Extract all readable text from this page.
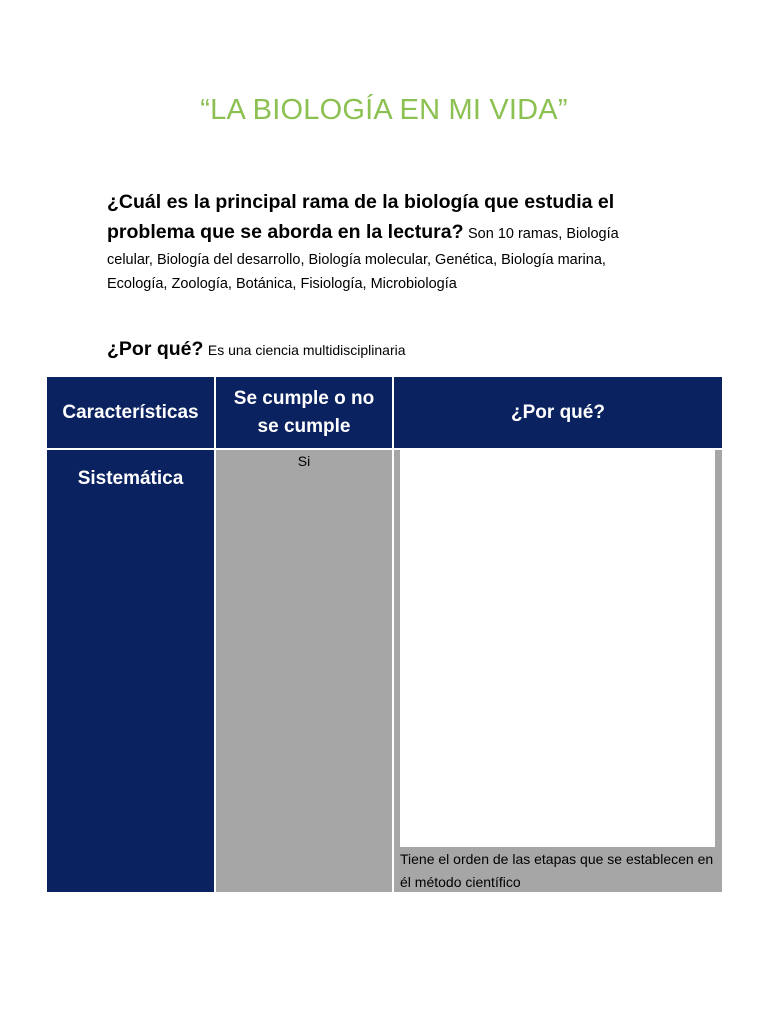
“LA BIOLOGÍA EN MI VIDA”
¿Cuál es la principal rama de la biología que estudia el
problema que se aborda en la lectura? Son 10 ramas, Biología
celular, Biología del desarrollo, Biología molecular, Genética, Biología marina,
Ecología, Zoología, Botánica, Fisiología, Microbiología
¿Por qué? Es una ciencia multidisciplinaria
Características
Se cumple o no se cumple
¿Por qué?
Sistemática
Si
Tiene el orden de las etapas que se establecen en él método científico
